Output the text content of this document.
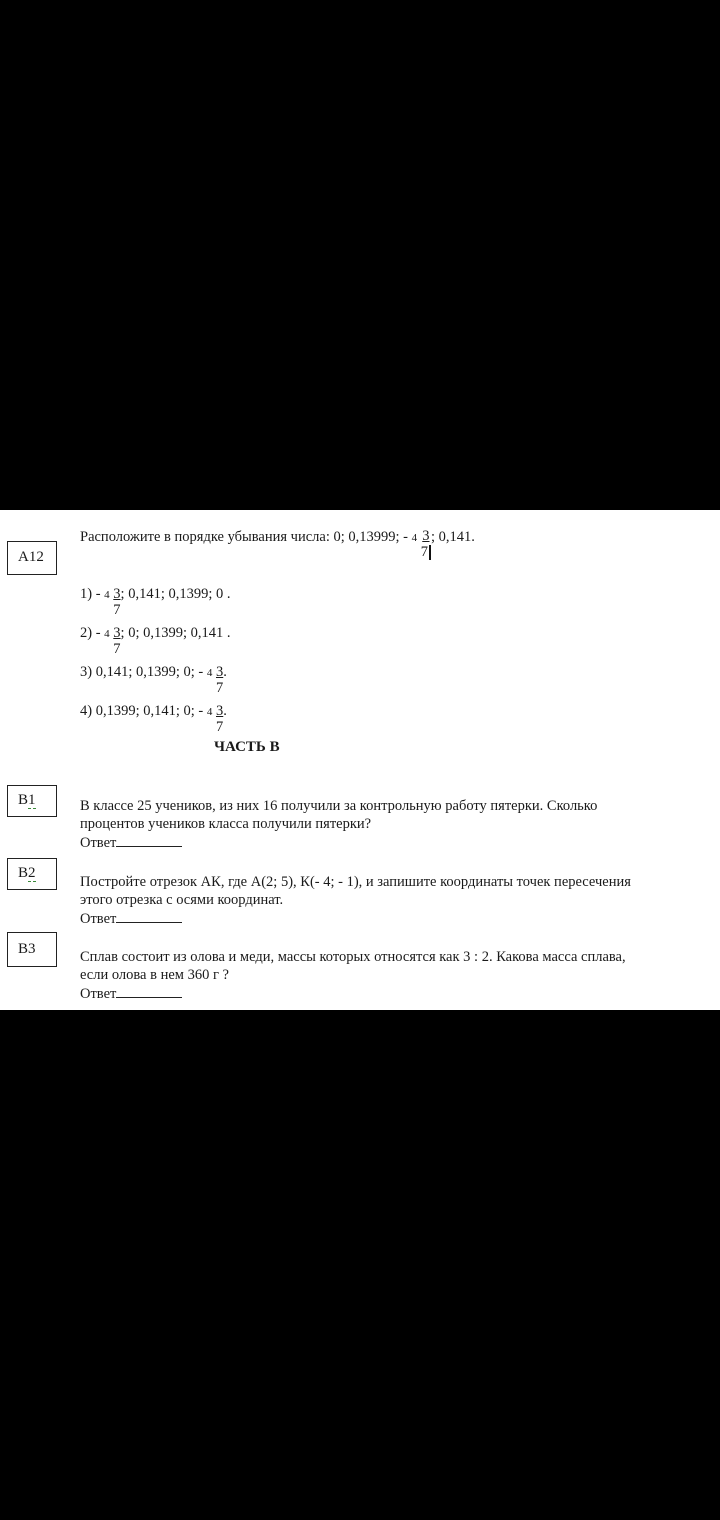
A12
Расположите в порядке убывания числа: 0; 0,13999; - $4 \frac{3}{7}$ ; 0,141.
$1) - 4 \frac{3}{7}$ ; 0,141; 0,1399; 0 .
$2) - 4 \frac{3}{7}$ ; 0; 0,1399; 0,141 .
3) 0,141; 0,1399; 0; - $4 \frac{3}{7}$ .
4) 0,1399; 0,141; 0; - $4 \frac{3}{7}$ .
ЧАСТЬ В
В1	В классе 25 учеников, из них 16 получили за контрольную работу пятерки. Сколько
процентов учеников класса получили пятерки?
Ответ
В2
Постройте отрезок АК, где А(2; 5), К(- 4; - 1), и запишите координаты точек пересечения
этого отрезка с осями координат.
Ответ
В3	Сплав состоит из олова и меди, массы которых относятся как 3 : 2. Какова масса сплава,
если олова в нем 360 г ?
Ответ
